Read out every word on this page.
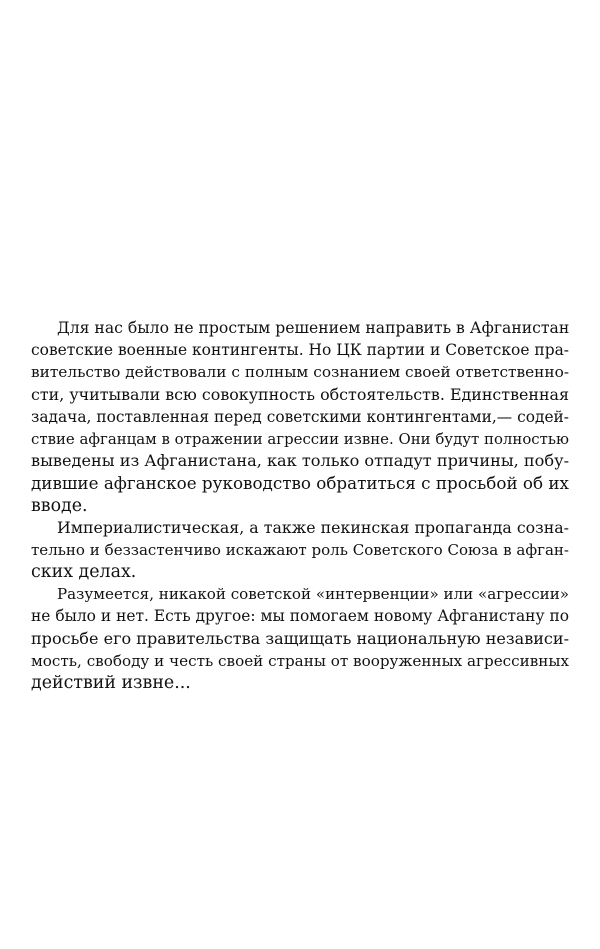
Для нас было не простым решением направить в Афганистан
советские военные контингенты. Но ЦК партии и Советское пра-
вительство действовали с полным сознанием своей ответственно-
сти, учитывали всю совокупность обстоятельств. Единственная
задача, поставленная перед советскими контингентами,— содей-
ствие афганцам в отражении агрессии извне. Они будут полностью
выведены из Афганистана, как только отпадут причины, побу-
дившие афганское руководство обратиться с просьбой об их
вводе.
Империалистическая, а также пекинская пропаганда сознa-
тельно и беззастенчиво искажают роль Советского Союза в афган-
ских делах.
Разумеется, никакой советской «интервенции» или «агрессии»
не было и нет. Есть другое: мы помогаем новому Афганистану по
просьбе его правительства защищать национальную независи-
мость, свободу и честь своей страны от вооруженных агрессивных
действий извне...
